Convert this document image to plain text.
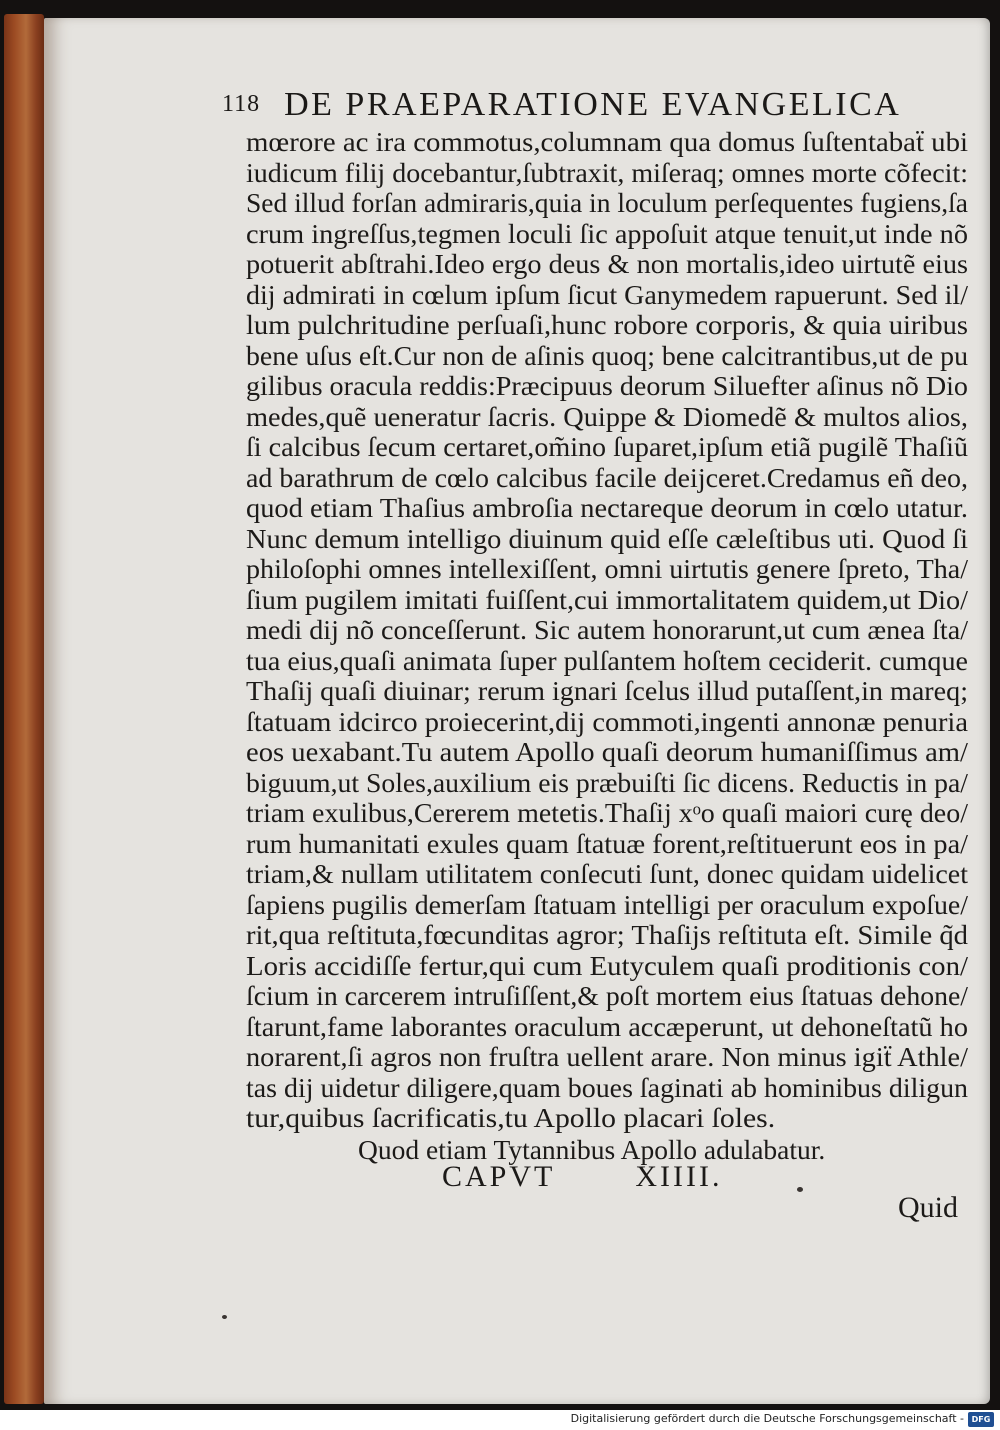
118 DE PRAEPARATIONE EVANGELICA
mœrore ac ira commotus,columnam qua domus ſuſtentabaẗ ubi
iudicum filij docebantur,ſubtraxit, miſeraq; omnes morte cõfecit:
Sed illud forſan admiraris,quia in loculum perſequentes fugiens,ſa
crum ingreſſus,tegmen loculi ſic appoſuit atque tenuit,ut inde nõ
potuerit abſtrahi.Ideo ergo deus & non mortalis,ideo uirtutẽ eius
dij admirati in cœlum ipſum ſicut Ganymedem rapuerunt. Sed il/
lum pulchritudine perſuaſi,hunc robore corporis, & quia uiribus
bene uſus eſt.Cur non de aſinis quoq; bene calcitrantibus,ut de pu
gilibus oracula reddis:Præcipuus deorum Siluefter aſinus nõ Dio
medes,quẽ ueneratur ſacris. Quippe & Diomedẽ & multos alios,
ſi calcibus ſecum certaret,om̃ino ſuparet,ipſum etiã pugilẽ Thaſiũ
ad barathrum de cœlo calcibus facile deijceret.Credamus eñ deo,
quod etiam Thaſius ambroſia nectareque deorum in cœlo utatur.
Nunc demum intelligo diuinum quid eſſe cæleſtibus uti. Quod ſi
philoſophi omnes intellexiſſent, omni uirtutis genere ſpreto, Tha/
ſium pugilem imitati fuiſſent,cui immortalitatem quidem,ut Dio/
medi dij nõ conceſſerunt. Sic autem honorarunt,ut cum ænea ſta/
tua eius,quaſi animata ſuper pulſantem hoſtem ceciderit. cumque
Thaſij quaſi diuinar; rerum ignari ſcelus illud putaſſent,in mareq;
ſtatuam idcirco proiecerint,dij commoti,ingenti annonæ penuria
eos uexabant.Tu autem Apollo quaſi deorum humaniſſimus am/
biguum,ut Soles,auxilium eis præbuiſti ſic dicens. Reductis in pa/
triam exulibus,Cererem metetis.Thaſij xᵒo quaſi maiori curę deo/
rum humanitati exules quam ſtatuæ forent,reſtituerunt eos in pa/
triam,& nullam utilitatem conſecuti ſunt, donec quidam uidelicet
ſapiens pugilis demerſam ſtatuam intelligi per oraculum expoſue/
rit,qua reſtituta,fœcunditas agror; Thaſijs reſtituta eſt. Simile q̃d
Loris accidiſſe fertur,qui cum Eutyculem quaſi proditionis con/
ſcium in carcerem intruſiſſent,& poſt mortem eius ſtatuas dehone/
ſtarunt,fame laborantes oraculum accæperunt, ut dehoneſtatũ ho
norarent,ſi agros non fruſtra uellent arare. Non minus igiẗ Athle/
tas dij uidetur diligere,quam boues ſaginati ab hominibus diligun
tur,quibus ſacrificatis,tu Apollo placari ſoles.
Quod etiam Tytannibus Apollo adulabatur.
CAPVT	XIIII.
Quid
Digitalisierung gefördert durch die Deutsche Forschungsgemeinschaft - DFG
